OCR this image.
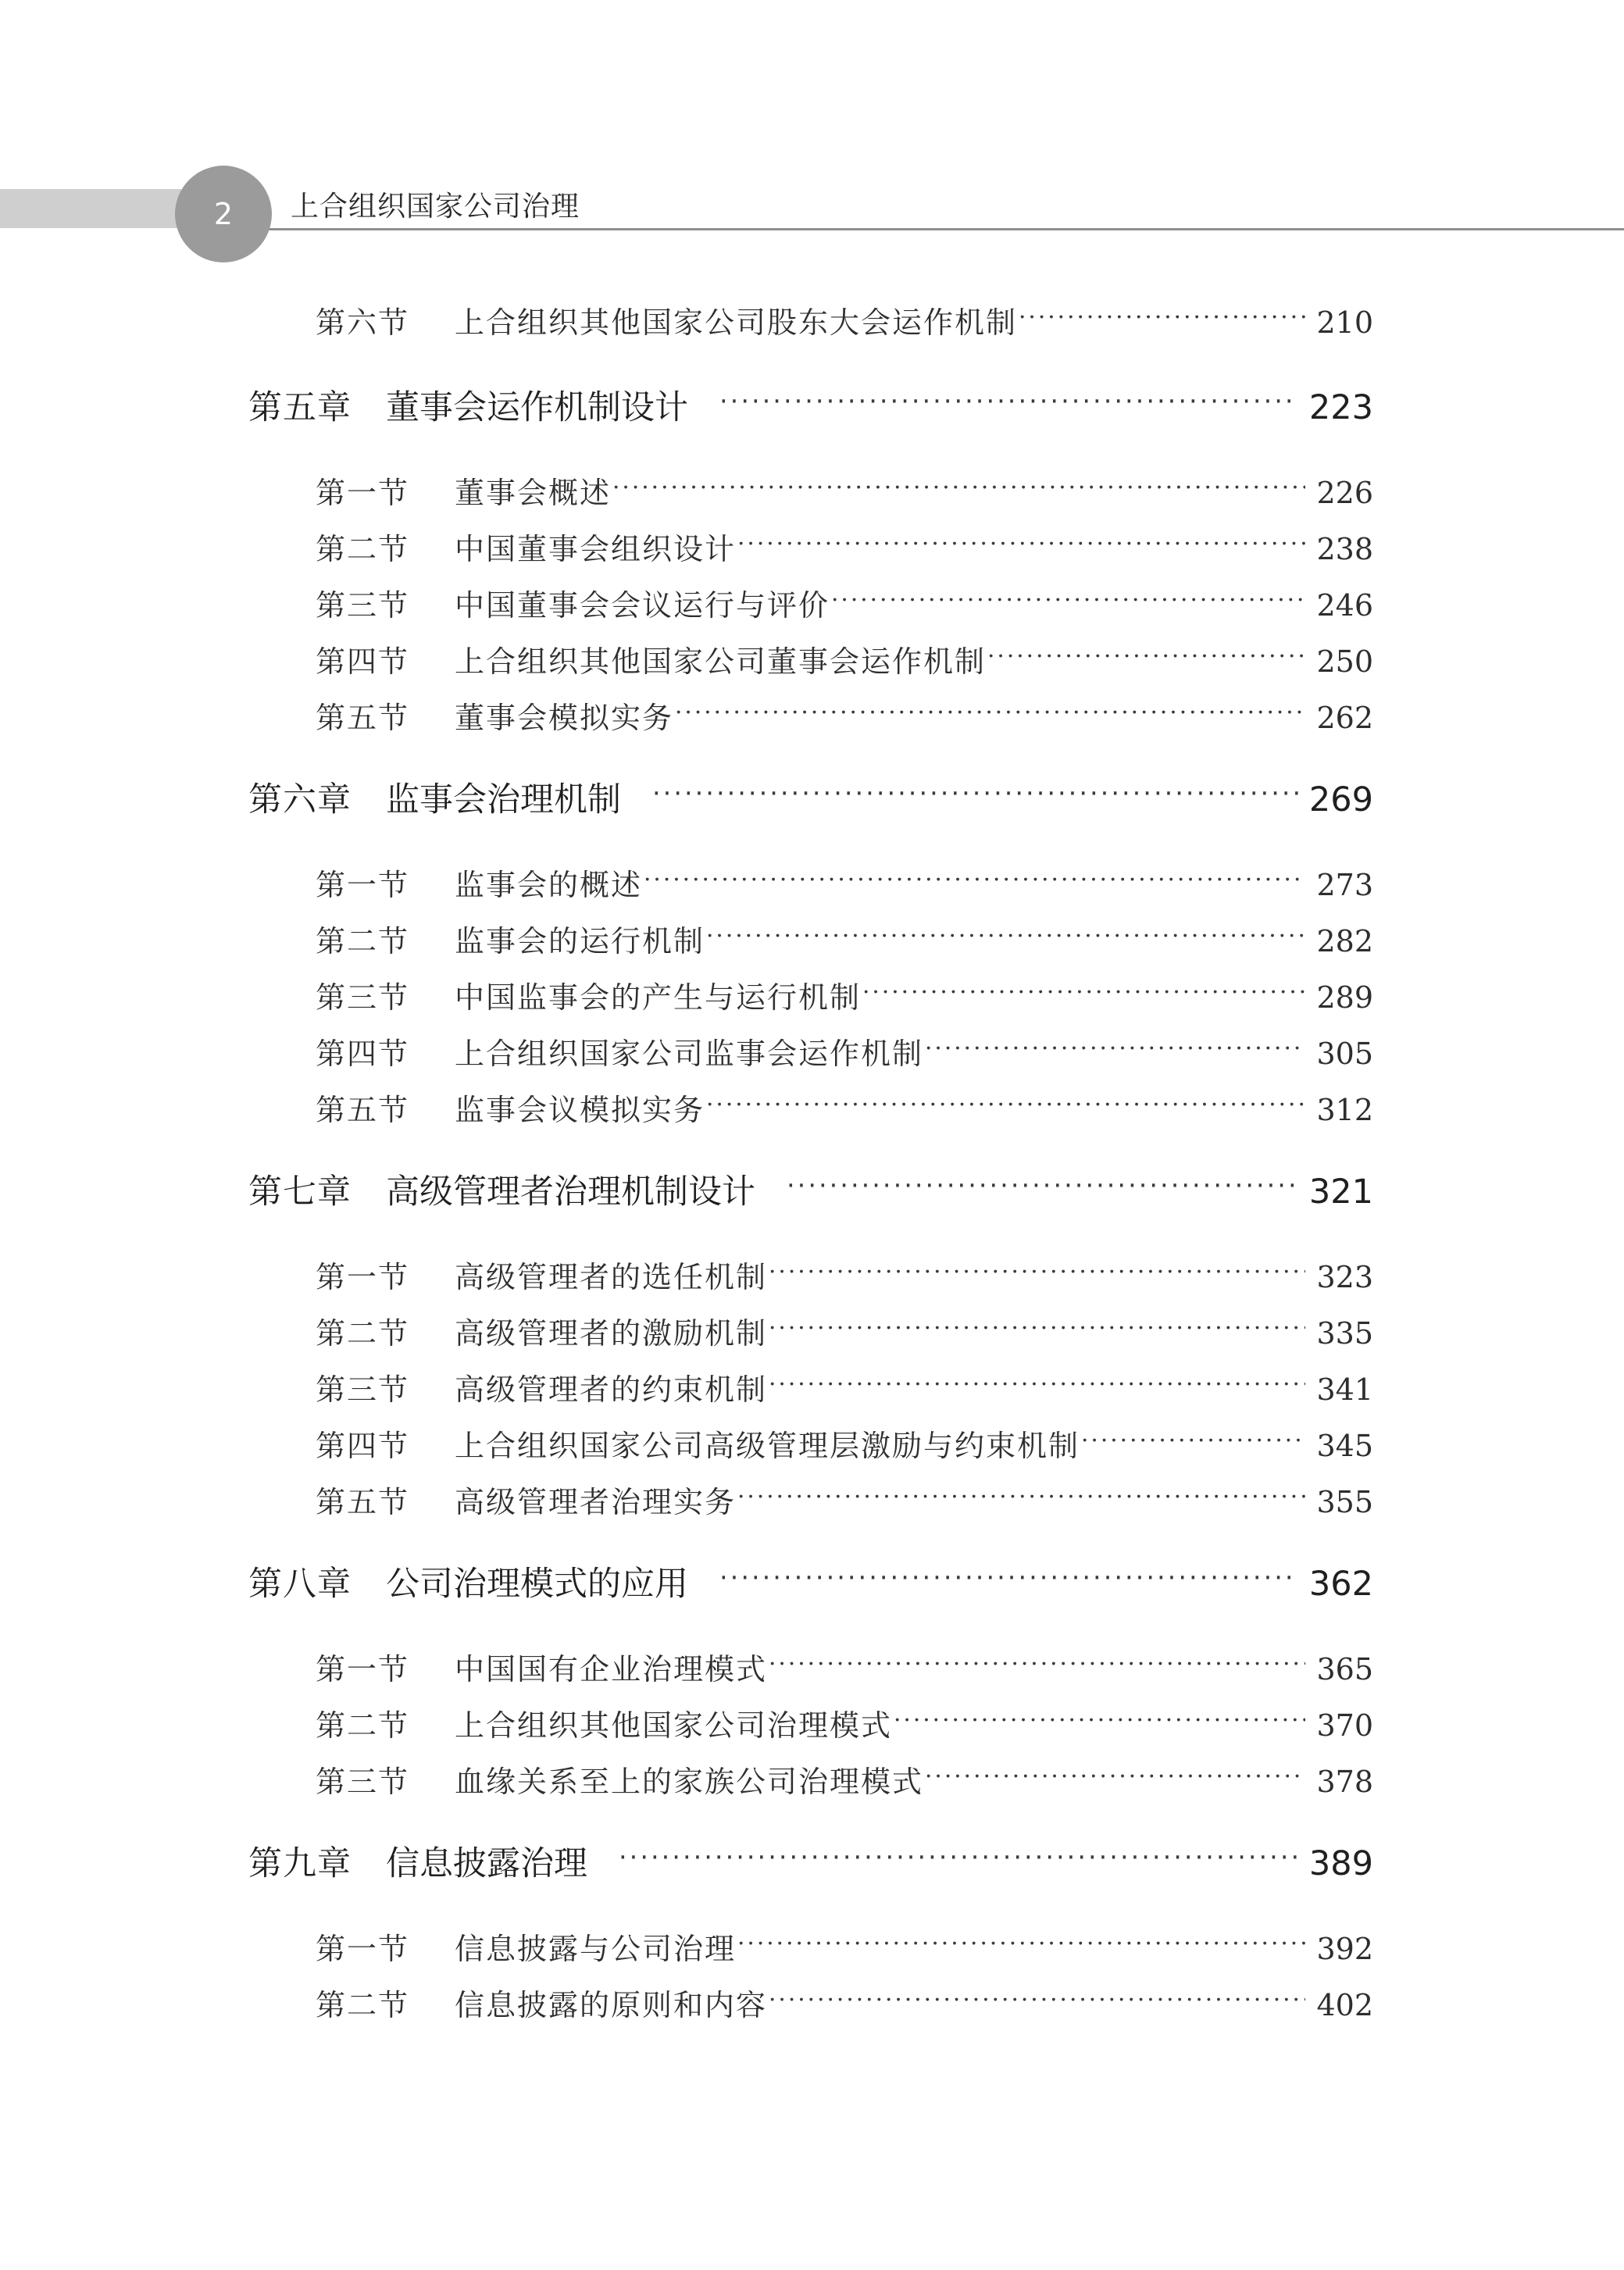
2 上合组织国家公司治理
第六节	上合组织其他国家公司股东大会运作机制 ·····	210
第五章	董事会运作机制设计 ·····	223
第一节	董事会概述 ·····	226
第二节	中国董事会组织设计 ·····	238
第三节	中国董事会会议运行与评价 ·····	246
第四节	上合组织其他国家公司董事会运作机制 ·····	250
第五节	董事会模拟实务 ·····	262
第六章	监事会治理机制 ·····	269
第一节	监事会的概述 ·····	273
第二节	监事会的运行机制 ·····	282
第三节	中国监事会的产生与运行机制 ·····	289
第四节	上合组织国家公司监事会运作机制 ·····	305
第五节	监事会议模拟实务 ·····	312
第七章	高级管理者治理机制设计 ·····	321
第一节	高级管理者的选任机制 ·····	323
第二节	高级管理者的激励机制 ·····	335
第三节	高级管理者的约束机制 ·····	341
第四节	上合组织国家公司高级管理层激励与约束机制 ·····	345
第五节	高级管理者治理实务 ·····	355
第八章	公司治理模式的应用 ·····	362
第一节	中国国有企业治理模式 ·····	365
第二节	上合组织其他国家公司治理模式 ·····	370
第三节	血缘关系至上的家族公司治理模式 ·····	378
第九章	信息披露治理 ·····	389
第一节	信息披露与公司治理 ·····	392
第二节	信息披露的原则和内容 ·····	402
